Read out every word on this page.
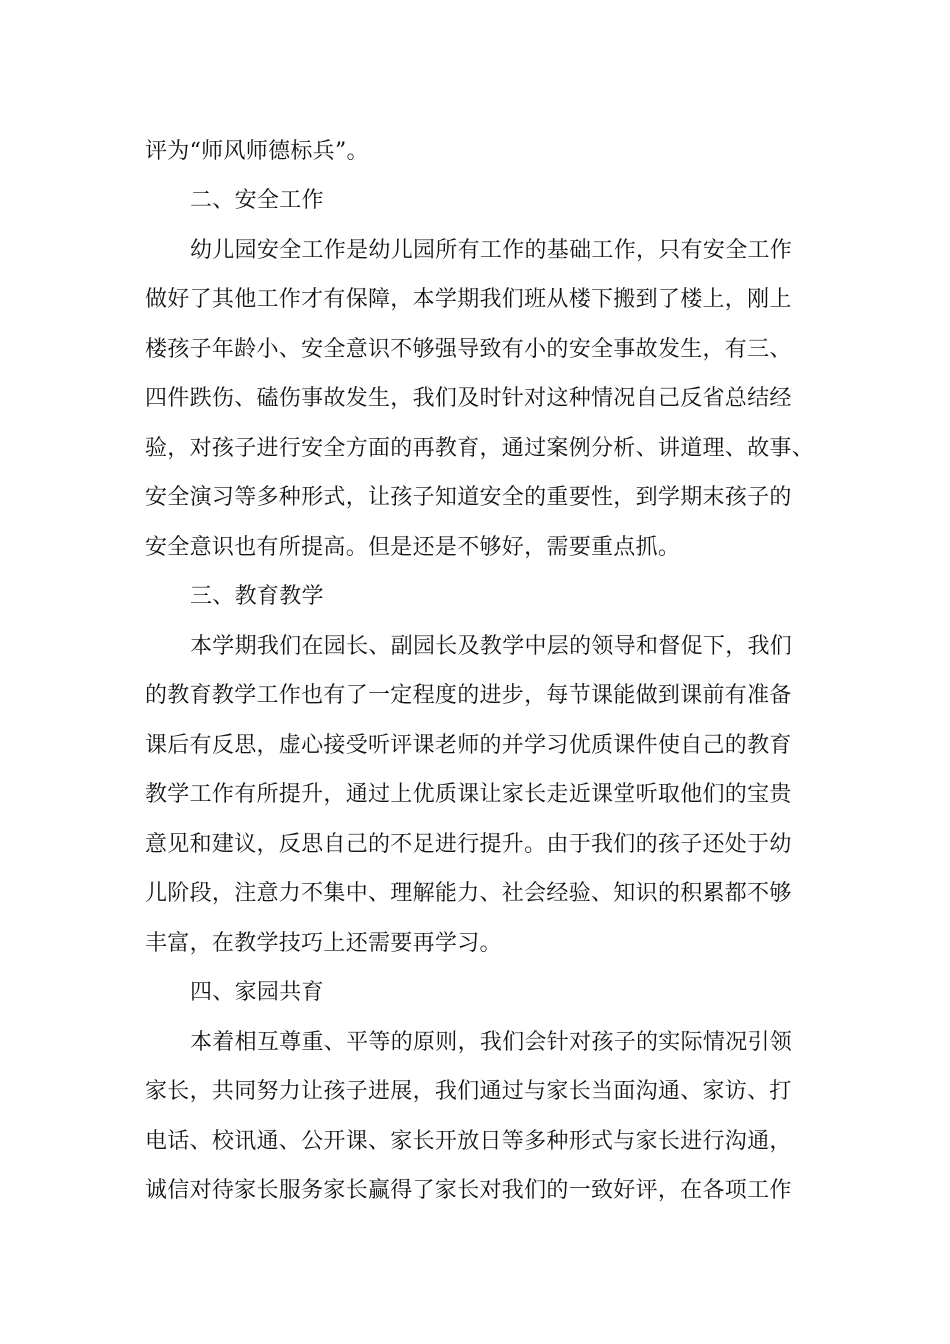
评为“师风师德标兵”。
二、安全工作
幼儿园安全工作是幼儿园所有工作的基础工作，只有安全工作
做好了其他工作才有保障，本学期我们班从楼下搬到了楼上，刚上
楼孩子年龄小、安全意识不够强导致有小的安全事故发生，有三、
四件跌伤、磕伤事故发生，我们及时针对这种情况自己反省总结经
验，对孩子进行安全方面的再教育，通过案例分析、讲道理、故事、
安全演习等多种形式，让孩子知道安全的重要性，到学期末孩子的
安全意识也有所提高。但是还是不够好，需要重点抓。
三、教育教学
本学期我们在园长、副园长及教学中层的领导和督促下，我们
的教育教学工作也有了一定程度的进步，每节课能做到课前有准备
课后有反思，虚心接受听评课老师的并学习优质课件使自己的教育
教学工作有所提升，通过上优质课让家长走近课堂听取他们的宝贵
意见和建议，反思自己的不足进行提升。由于我们的孩子还处于幼
儿阶段，注意力不集中、理解能力、社会经验、知识的积累都不够
丰富，在教学技巧上还需要再学习。
四、家园共育
本着相互尊重、平等的原则，我们会针对孩子的实际情况引领
家长，共同努力让孩子进展，我们通过与家长当面沟通、家访、打
电话、校讯通、公开课、家长开放日等多种形式与家长进行沟通，
诚信对待家长服务家长赢得了家长对我们的一致好评，在各项工作
